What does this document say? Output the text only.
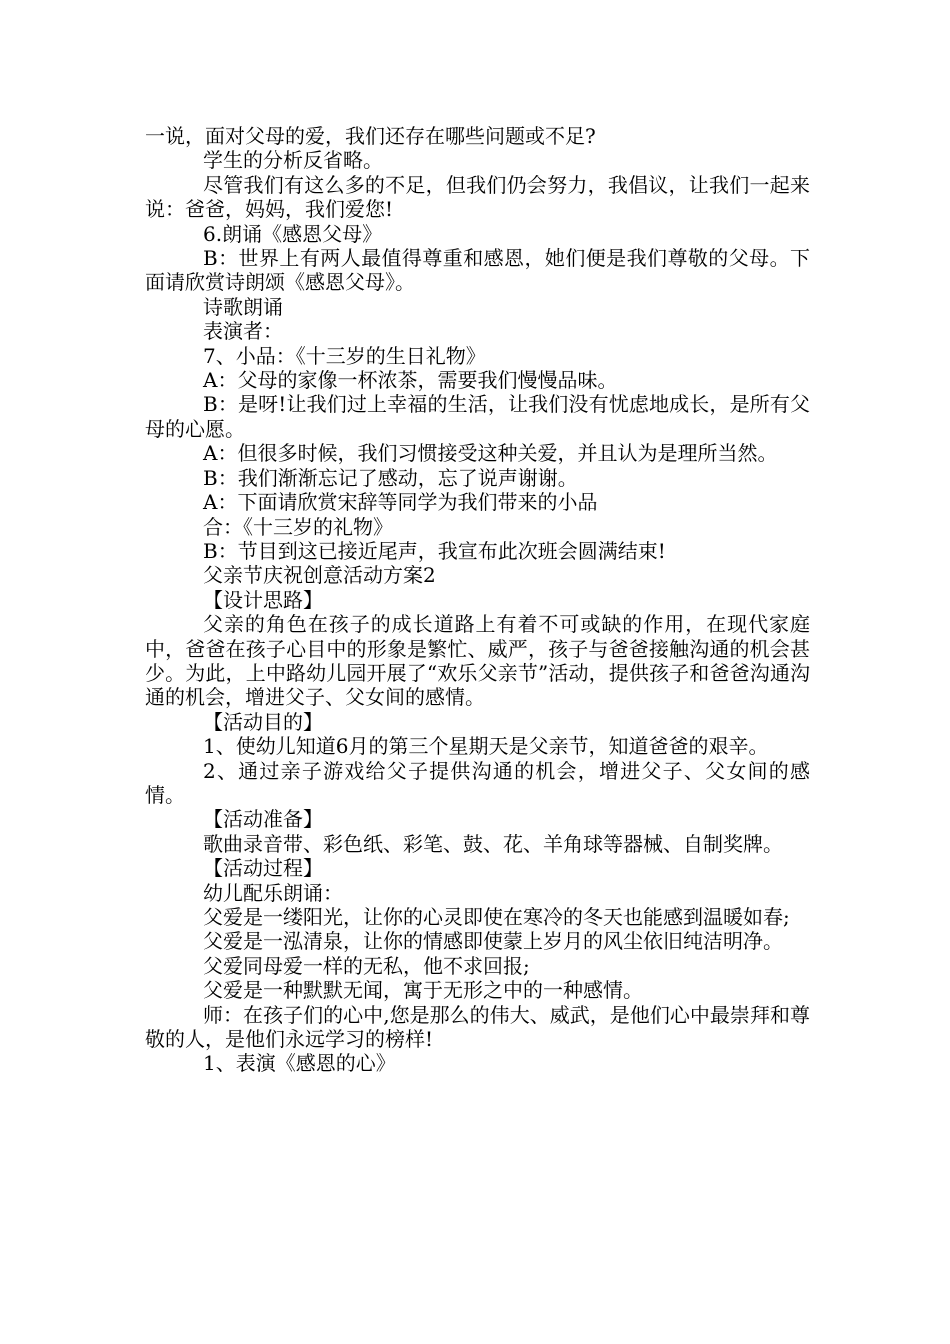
一说，面对父母的爱，我们还存在哪些问题或不足?

学生的分析反省略。

尽管我们有这么多的不足，但我们仍会努力，我倡议，让我们一起来说：爸爸，妈妈，我们爱您!

6.朗诵《感恩父母》

B：世界上有两人最值得尊重和感恩，她们便是我们尊敬的父母。下面请欣赏诗朗颂《感恩父母》。

诗歌朗诵

表演者：

7、小品：《十三岁的生日礼物》

A：父母的家像一杯浓茶，需要我们慢慢品味。

B：是呀!让我们过上幸福的生活，让我们没有忧虑地成长，是所有父母的心愿。

A：但很多时候，我们习惯接受这种关爱，并且认为是理所当然。

B：我们渐渐忘记了感动，忘了说声谢谢。

A：下面请欣赏宋辞等同学为我们带来的小品

合：《十三岁的礼物》

B：节目到这已接近尾声，我宣布此次班会圆满结束!

父亲节庆祝创意活动方案2

【设计思路】

父亲的角色在孩子的成长道路上有着不可或缺的作用，在现代家庭中，爸爸在孩子心目中的形象是繁忙、威严，孩子与爸爸接触沟通的机会甚少。为此，上中路幼儿园开展了“欢乐父亲节”活动，提供孩子和爸爸沟通沟通的机会，增进父子、父女间的感情。

【活动目的】

1、使幼儿知道6月的第三个星期天是父亲节，知道爸爸的艰辛。

2、通过亲子游戏给父子提供沟通的机会，增进父子、父女间的感情。

【活动准备】

歌曲录音带、彩色纸、彩笔、鼓、花、羊角球等器械、自制奖牌。

【活动过程】

幼儿配乐朗诵：

父爱是一缕阳光，让你的心灵即使在寒冷的冬天也能感到温暖如春;

父爱是一泓清泉，让你的情感即使蒙上岁月的风尘依旧纯洁明净。

父爱同母爱一样的无私，他不求回报;

父爱是一种默默无闻，寓于无形之中的一种感情。

师：在孩子们的心中,您是那么的伟大、威武，是他们心中最崇拜和尊敬的人，是他们永远学习的榜样!

1、表演《感恩的心》
